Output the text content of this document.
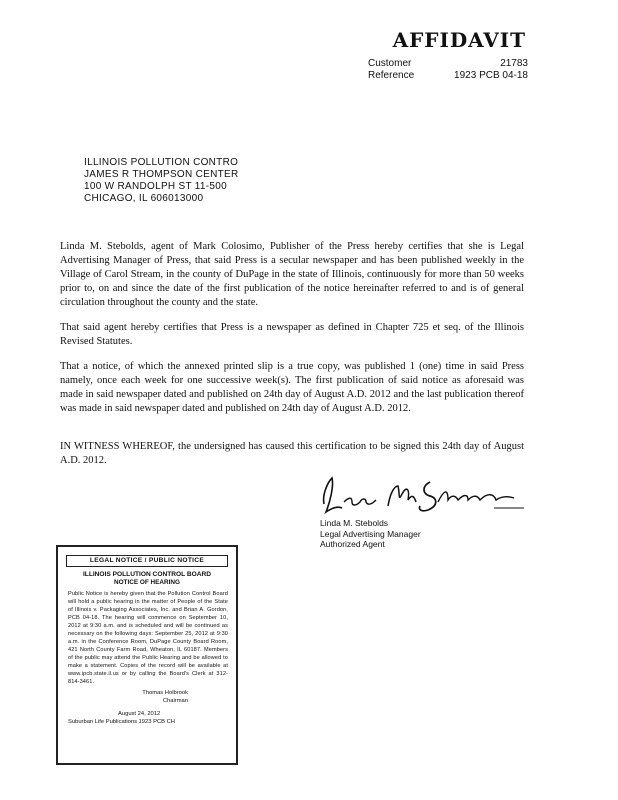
AFFIDAVIT
Customer	21783
Reference	1923 PCB 04-18
ILLINOIS POLLUTION CONTRO
JAMES R THOMPSON CENTER
100 W RANDOLPH ST 11-500
CHICAGO, IL 606013000

Linda M. Stebolds, agent of Mark Colosimo, Publisher of the Press hereby certifies that she is Legal Advertising Manager of Press, that said Press is a secular newspaper and has been published weekly in the Village of Carol Stream, in the county of DuPage in the state of Illinois, continuously for more than 50 weeks prior to, on and since the date of the first publication of the notice hereinafter referred to and is of general circulation throughout the county and the state.

That said agent hereby certifies that Press is a newspaper as defined in Chapter 725 et seq. of the Illinois Revised Statutes.

That a notice, of which the annexed printed slip is a true copy, was published 1 (one) time in said Press namely, once each week for one successive week(s). The first publication of said notice as aforesaid was made in said newspaper dated and published on 24th day of August A.D. 2012 and the last publication thereof was made in said newspaper dated and published on 24th day of August A.D. 2012.

IN WITNESS WHEREOF, the undersigned has caused this certification to be signed this 24th day of August A.D. 2012.

Linda M. Stebolds
Legal Advertising Manager
Authorized Agent
LEGAL NOTICE / PUBLIC NOTICE
ILLINOIS POLLUTION CONTROL BOARD
NOTICE OF HEARING
Public Notice is hereby given that the Pollution Control Board will hold a public hearing in the matter of People of the State of Illinois v. Packaging Associates, Inc. and Brian A. Gordon, PCB 04-18. The hearing will commence on September 10, 2012 at 9:30 a.m. and is scheduled and will be continued as necessary on the following days: September 25, 2012 at 9:30 a.m. in the Conference Room, DuPage County Board Room, 421 North County Farm Road, Wheaton, IL 60187. Members of the public may attend the Public Hearing and be allowed to make a statement. Copies of the record will be available at www.ipcb.state.il.us or by calling the Board's Clerk at 312-814-3461.
Thomas Holbrook
Chairman
August 24, 2012
Suburban Life Publications 1923 PCB CH
